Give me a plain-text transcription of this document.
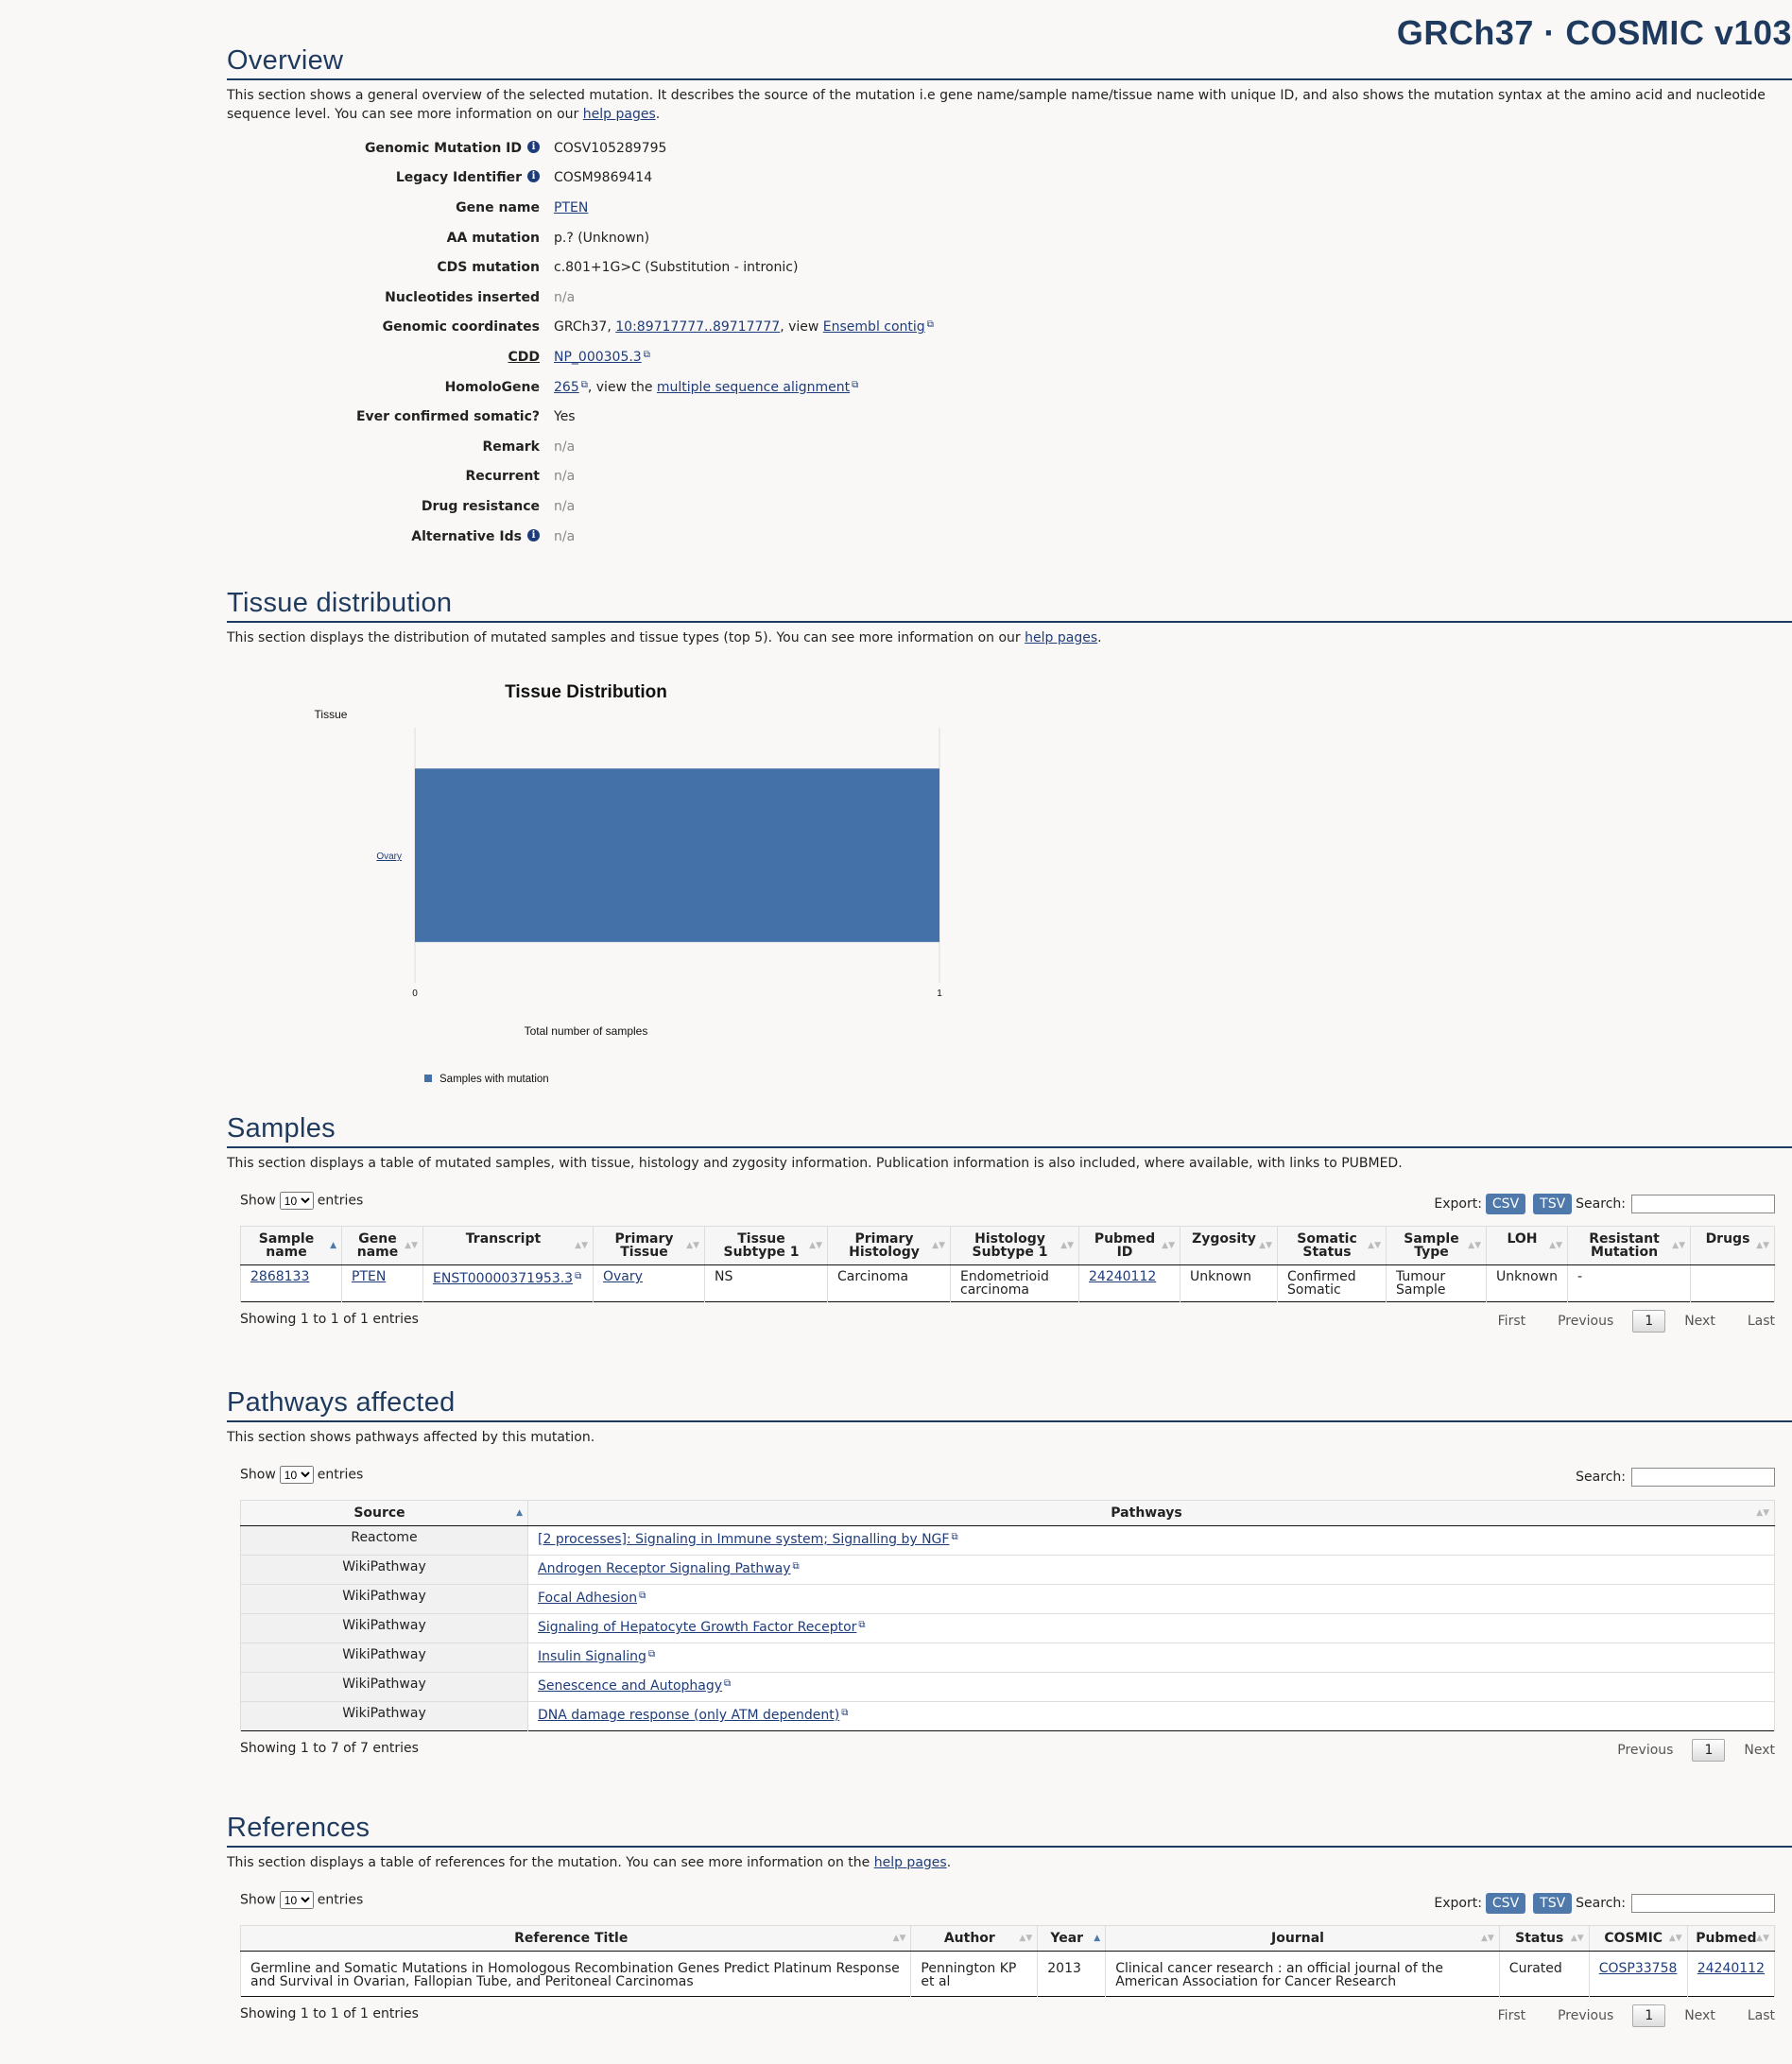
GRCh37 · COSMIC v103
Overview

This section shows a general overview of the selected mutation. It describes the source of the mutation i.e gene name/sample name/tissue name with unique ID, and also shows the mutation syntax at the amino acid and nucleotide sequence level. You can see more information on our help pages.

Genomic Mutation ID i	COSV105289795
Legacy Identifier i	COSM9869414
Gene name	PTEN
AA mutation	p.? (Unknown)
CDS mutation	c.801+1G>C (Substitution - intronic)
Nucleotides inserted	n/a
Genomic coordinates	GRCh37, 10:89717777..89717777, view Ensembl contig ⧉
CDD	NP_000305.3 ⧉
HomoloGene	265 ⧉, view the multiple sequence alignment ⧉
Ever confirmed somatic?	Yes
Remark	n/a
Recurrent	n/a
Drug resistance	n/a
Alternative Ids i	n/a
Tissue distribution

This section displays the distribution of mutated samples and tissue types (top 5). You can see more information on our help pages.

Tissue Distribution
Tissue
0	1
Ovary
Total number of samples
Samples with mutation
Samples

This section displays a table of mutated samples, with tissue, histology and zygosity information. Publication information is also included, where available, with links to PUBMED.

Show
10	entries	Export: CSV	TSV Search:
Sample name ▲	Gene name ▲▼	Transcript ▲▼	Primary Tissue ▲▼	Tissue Subtype 1 ▲▼	Primary Histology ▲▼	Histology Subtype 1 ▲▼	Pubmed ID ▲▼	Zygosity ▲▼	Somatic Status ▲▼	Sample Type ▲▼	LOH ▲▼	Resistant Mutation ▲▼	Drugs ▲▼

2868133	PTEN	ENST00000371953.3 ⧉	Ovary	NS	Carcinoma	Endometrioid carcinoma	24240112	Unknown	Confirmed Somatic	Tumour Sample	Unknown	-	
Showing 1 to 1 of 1 entries	First Previous	1	Next Last
Pathways affected

This section shows pathways affected by this mutation.

Show
10	entries	Search:
Source ▲	Pathways ▲▼

Reactome	[2 processes]: Signaling in Immune system; Signalling by NGF ⧉
WikiPathway	Androgen Receptor Signaling Pathway ⧉
WikiPathway	Focal Adhesion ⧉
WikiPathway	Signaling of Hepatocyte Growth Factor Receptor ⧉
WikiPathway	Insulin Signaling ⧉
WikiPathway	Senescence and Autophagy ⧉
WikiPathway	DNA damage response (only ATM dependent) ⧉
Showing 1 to 7 of 7 entries	Previous	1	Next
References

This section displays a table of references for the mutation. You can see more information on the help pages.

Show
10	entries	Export: CSV	TSV Search:
Reference Title ▲▼	Author ▲▼	Year ▲	Journal ▲▼	Status ▲▼	COSMIC ▲▼	Pubmed ▲▼

Germline and Somatic Mutations in Homologous Recombination Genes Predict Platinum Response and Survival in Ovarian, Fallopian Tube, and Peritoneal Carcinomas	Pennington KP et al	2013	Clinical cancer research : an official journal of the American Association for Cancer Research	Curated	COSP33758	24240112
Showing 1 to 1 of 1 entries	First Previous	1	Next Last
